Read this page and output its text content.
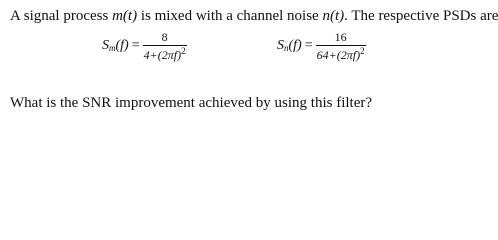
A signal process m(t) is mixed with a channel noise n(t). The respective PSDs are
$S_m(f) = \frac{8}{4+(2\pi f)^2}$	$S_n(f) = \frac{16}{64+(2\pi f)^2}$
What is the SNR improvement achieved by using this filter?
